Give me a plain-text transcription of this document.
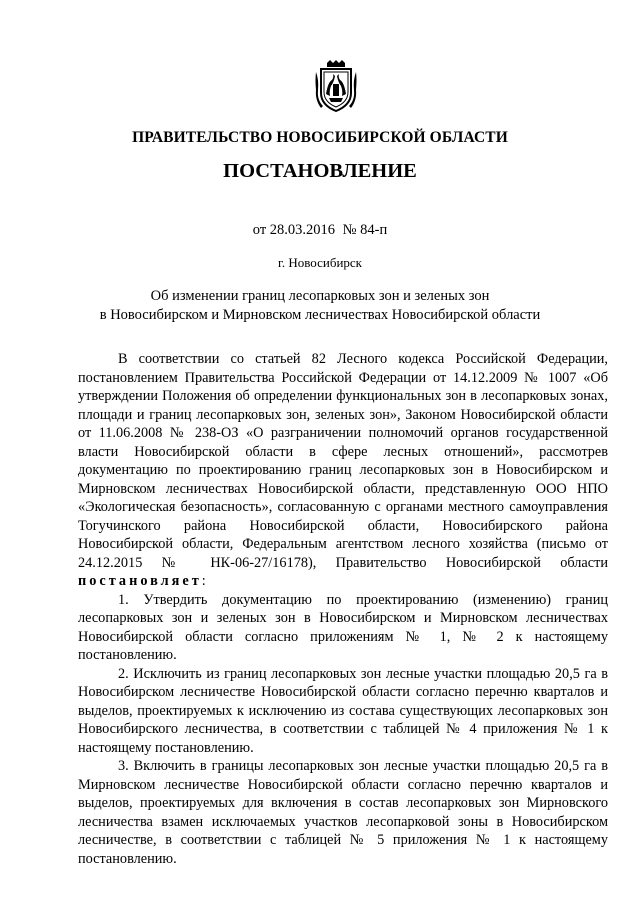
ПРАВИТЕЛЬСТВО НОВОСИБИРСКОЙ ОБЛАСТИ
ПОСТАНОВЛЕНИЕ
от 28.03.2016 № 84-п
г. Новосибирск
Об изменении границ лесопарковых зон и зеленых зон
в Новосибирском и Мирновском лесничествах Новосибирской области

В соответствии со статьей 82 Лесного кодекса Российской Федерации, постановлением Правительства Российской Федерации от 14.12.2009 № 1007 «Об утверждении Положения об определении функциональных зон в лесопарковых зонах, площади и границ лесопарковых зон, зеленых зон», Законом Новосибирской области от 11.06.2008 № 238-ОЗ «О разграничении полномочий органов государственной власти Новосибирской области в сфере лесных отношений», рассмотрев документацию по проектированию границ лесопарковых зон в Новосибирском и Мирновском лесничествах Новосибирской области, представленную ООО НПО «Экологическая безопасность», согласованную с органами местного самоуправления Тогучинского района Новосибирской области, Новосибирского района Новосибирской области, Федеральным агентством лесного хозяйства (письмо от 24.12.2015 № НК-06-27/16178), Правительство Новосибирской области постановляет:

1. Утвердить документацию по проектированию (изменению) границ лесопарковых зон и зеленых зон в Новосибирском и Мирновском лесничествах Новосибирской области согласно приложениям № 1, № 2 к настоящему постановлению.

2. Исключить из границ лесопарковых зон лесные участки площадью 20,5 га в Новосибирском лесничестве Новосибирской области согласно перечню кварталов и выделов, проектируемых к исключению из состава существующих лесопарковых зон Новосибирского лесничества, в соответствии с таблицей № 4 приложения № 1 к настоящему постановлению.

3. Включить в границы лесопарковых зон лесные участки площадью 20,5 га в Мирновском лесничестве Новосибирской области согласно перечню кварталов и выделов, проектируемых для включения в состав лесопарковых зон Мирновского лесничества взамен исключаемых участков лесопарковой зоны в Новосибирском лесничестве, в соответствии с таблицей № 5 приложения № 1 к настоящему постановлению.
